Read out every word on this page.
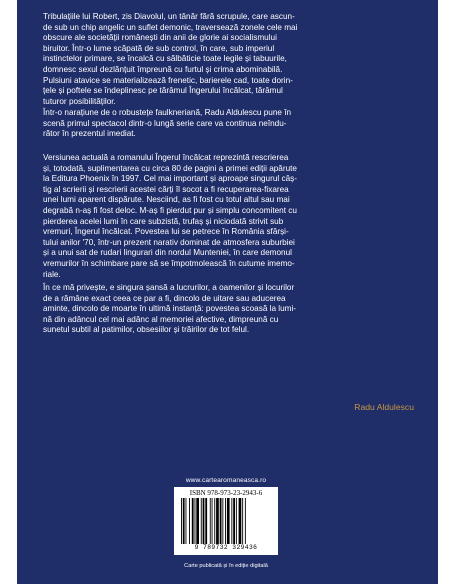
Tribulațiile lui Robert, zis Diavolul, un tânăr fără scrupule, care ascun-
de sub un chip angelic un suflet demonic, traversează zonele cele mai
obscure ale societății românești din anii de glorie ai socialismului
biruitor. Într-o lume scăpată de sub control, în care, sub imperiul
instinctelor primare, se încalcă cu sălbăticie toate legile și tabuurile,
domnesc sexul dezlănțuit împreună cu furtul și crima abominabilă.
Pulsiuni atavice se materializează frenetic, barierele cad, toate dorin-
țele și poftele se îndeplinesc pe tărâmul Îngerului încălcat, tărâmul
tuturor posibilităților.
Într-o narațiune de o robustețe faulkneriană, Radu Aldulescu pune în
scenă primul spectacol dintr-o lungă serie care va continua neîndu-
rător în prezentul imediat.
Versiunea actuală a romanului Îngerul încălcat reprezintă rescrierea
și, totodată, suplimentarea cu circa 80 de pagini a primei ediții apărute
la Editura Phoenix în 1997. Cel mai important și aproape singurul câș-
tig al scrierii și rescrierii acestei cărți îl socot a fi recuperarea-fixarea
unei lumi aparent dispărute. Nesciind, as fi fost cu totul altul sau mai
degrabă n-aș fi fost deloc. M-aș fi pierdut pur și simplu concomitent cu
pierderea acelei lumi în care subzistă, trufaș și niciodată strivit sub
vremuri, Îngerul încălcat. Povestea lui se petrece în România sfârși-
tului anilor '70, într-un prezent narativ dominat de atmosfera suburbiei
și a unui sat de rudari lingurari din nordul Munteniei, în care demonul
vremurilor în schimbare pare să se împotmolească în cutume imemo-
riale.
În ce mă privește, e singura șansă a lucrurilor, a oamenilor și locurilor
de a rămâne exact ceea ce par a fi, dincolo de uitare sau aducerea
aminte, dincolo de moarte în ultimă instanță: povestea scoasă la lumi-
nă din adâncul cel mai adânc al memoriei afective, dimpreună cu
sunetul subtil al patimilor, obsesiilor și trăirilor de tot felul.
Radu Aldulescu
www.cartearomaneasca.ro
ISBN 978-973-23-2943-6
9 789732 329436
Carte publicată și în ediție digitală
